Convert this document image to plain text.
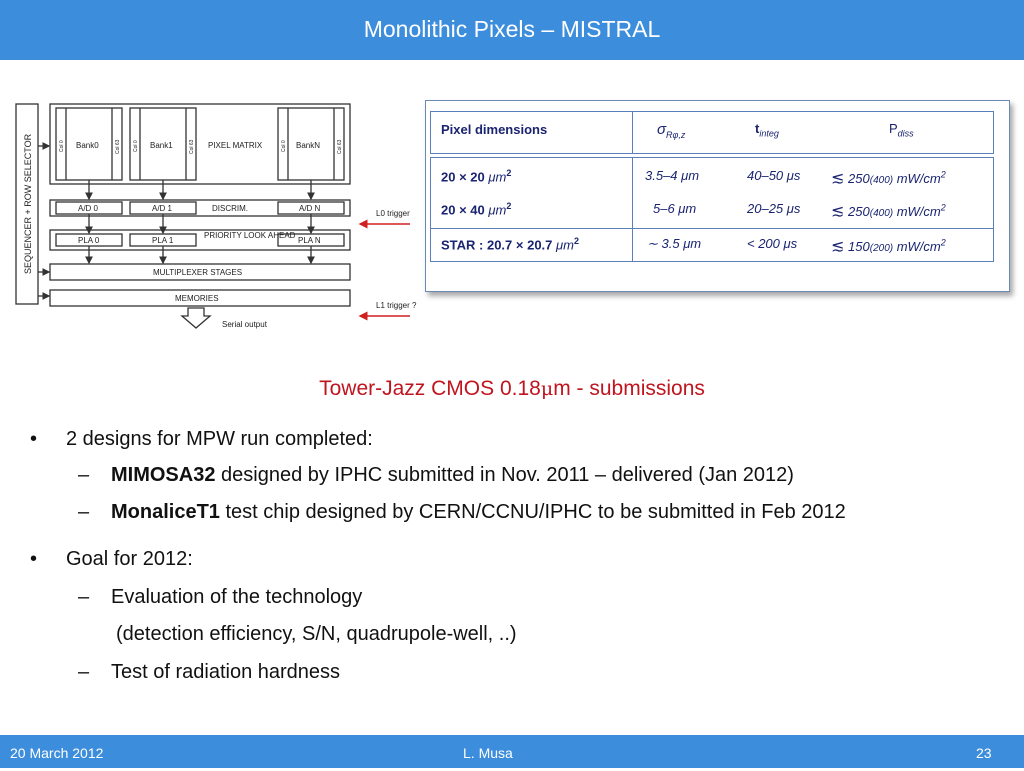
Monolithic Pixels – MISTRAL
SEQUENCER + ROW SELECTOR	Bank0	Bank1	BankN
Col 0	Col 63 Col 0	Col 63	Col 0	Col 63
PIXEL MATRIX
A/D 0	A/D 1	DISCRIM.	A/D N
PLA 0	PLA 1
PRIORITY LOOK AHEAD
PLA N
MULTIPLEXER STAGES
MEMORIES
Serial output
L0 trigger
L1 trigger ?
Pixel dimensions	$\sigma_{R\varphi,z}$	$t_{integ}$	$P_{diss}$
20 × 20 $\mu m^2$	3.5–4 μm	40–50 μs ≲ 250(400) $mW/cm^2$
20 × 40 $\mu m^2$	5–6 μm	20–25 μs ≲ 250(400) $mW/cm^2$
STAR : 20.7 × 20.7 $\mu m^2$	∼ 3.5 μm	< 200 μs ≲ 150(200) $mW/cm^2$
Tower-Jazz CMOS 0.18μm - submissions
• 2 designs for MPW run completed:
– MIMOSA32 designed by IPHC submitted in Nov. 2011 – delivered (Jan 2012)
– MonaliceT1 test chip designed by CERN/CCNU/IPHC to be submitted in Feb 2012
• Goal for 2012:
– Evaluation of the technology
(detection efficiency, S/N, quadrupole-well, ..)
– Test of radiation hardness
20 March 2012	L. Musa	23
